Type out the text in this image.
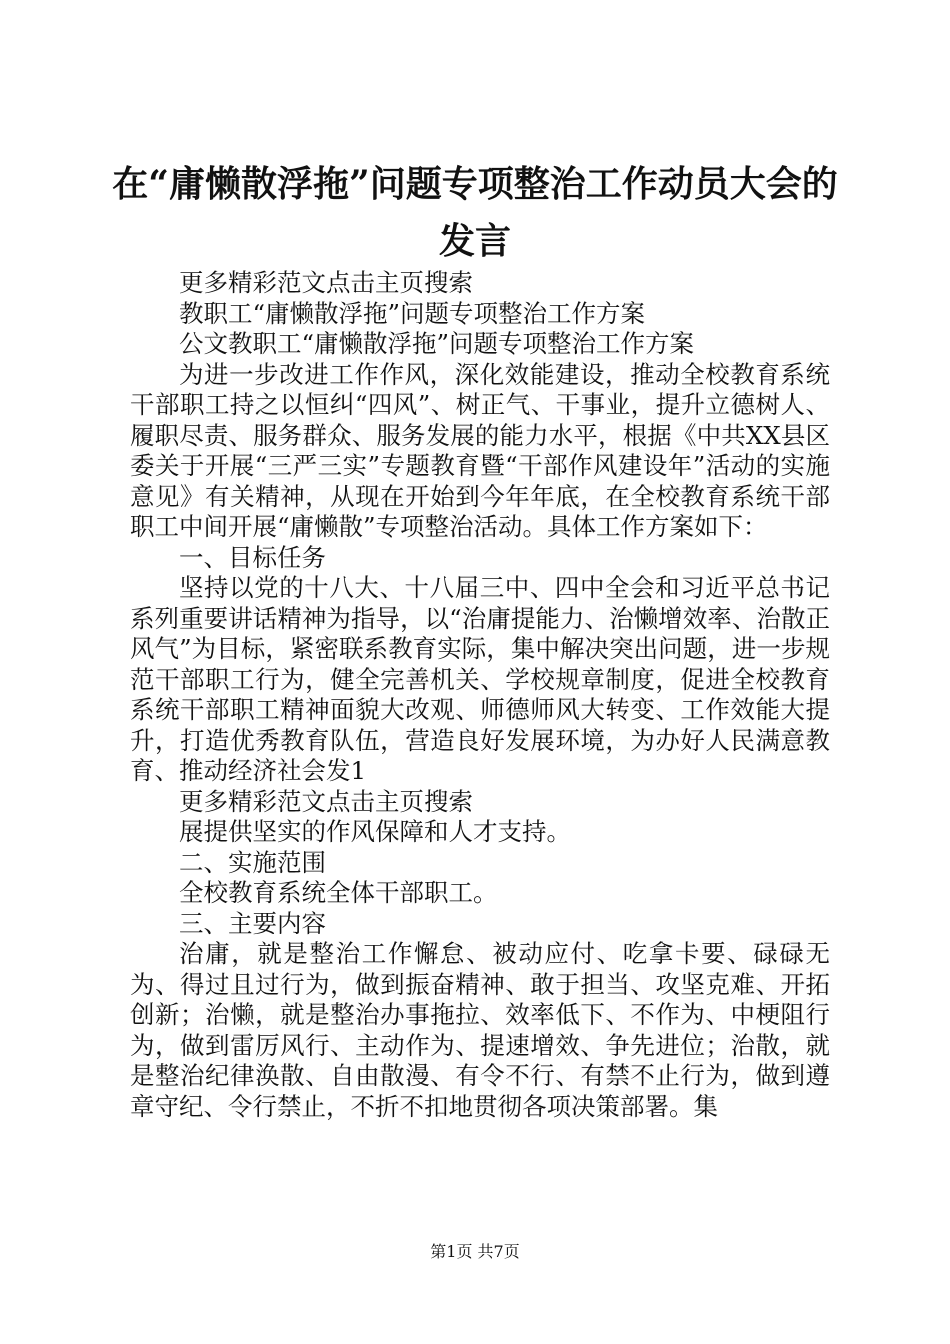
在“庸懒散浮拖”问题专项整治工作动员大会的发言

更多精彩范文点击主页搜索

教职工“庸懒散浮拖”问题专项整治工作方案

公文教职工“庸懒散浮拖”问题专项整治工作方案

为进一步改进工作作风，深化效能建设，推动全校教育系统干部职工持之以恒纠“四风”、树正气、干事业，提升立德树人、履职尽责、服务群众、服务发展的能力水平，根据《中共XX县区委关于开展“三严三实”专题教育暨“干部作风建设年”活动的实施意见》有关精神，从现在开始到今年年底，在全校教育系统干部职工中间开展“庸懒散”专项整治活动。具体工作方案如下：

一、目标任务

坚持以党的十八大、十八届三中、四中全会和习近平总书记系列重要讲话精神为指导，以“治庸提能力、治懒增效率、治散正风气”为目标，紧密联系教育实际，集中解决突出问题，进一步规范干部职工行为，健全完善机关、学校规章制度，促进全校教育系统干部职工精神面貌大改观、师德师风大转变、工作效能大提升，打造优秀教育队伍，营造良好发展环境，为办好人民满意教育、推动经济社会发1

更多精彩范文点击主页搜索

展提供坚实的作风保障和人才支持。

二、实施范围

全校教育系统全体干部职工。

三、主要内容

治庸，就是整治工作懈怠、被动应付、吃拿卡要、碌碌无为、得过且过行为，做到振奋精神、敢于担当、攻坚克难、开拓创新；治懒，就是整治办事拖拉、效率低下、不作为、中梗阻行为，做到雷厉风行、主动作为、提速增效、争先进位；治散，就是整治纪律涣散、自由散漫、有令不行、有禁不止行为，做到遵章守纪、令行禁止，不折不扣地贯彻各项决策部署。集

第1页 共7页
